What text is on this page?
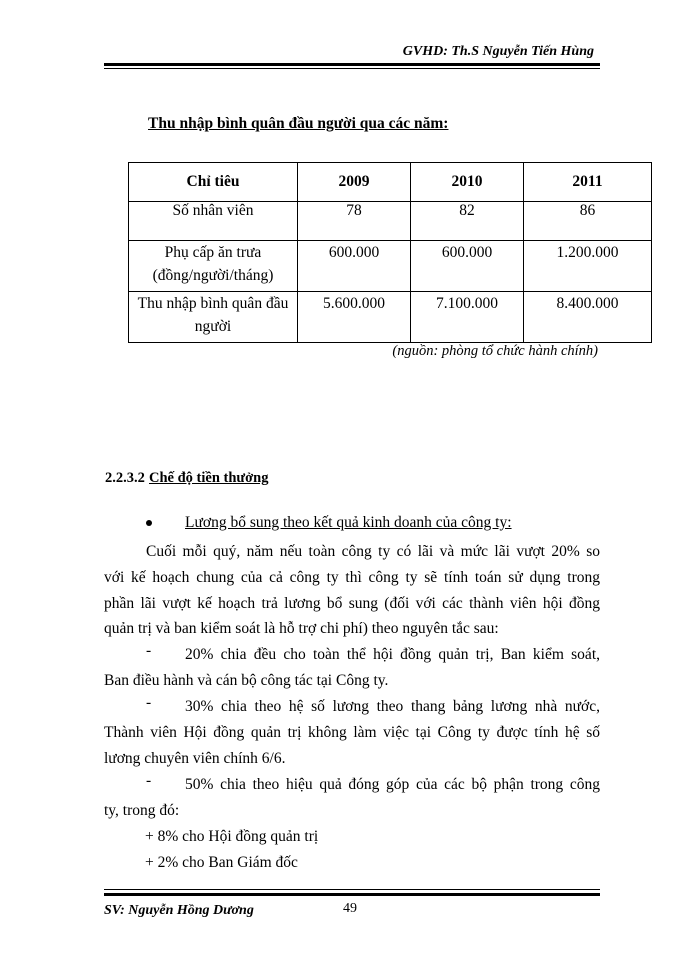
GVHD: Th.S Nguyễn Tiến Hùng
Thu nhập bình quân đầu người qua các năm:
Chỉ tiêu	2009	2010	2011
Số nhân viên	78	82	86

Phụ cấp ăn trưa
(đồng/người/tháng)	600.000	600.000	1.200.000

Thu nhập bình quân đầu
người	5.600.000	7.100.000	8.400.000
(nguồn: phòng tổ chức hành chính)
2.2.3.2 Chế độ tiền thưởng
Lương bổ sung theo kết quả kinh doanh của công ty:
Cuối mỗi quý, năm nếu toàn công ty có lãi và mức lãi vượt 20% so
với kế hoạch chung của cả công ty thì công ty sẽ tính toán sử dụng trong
phần lãi vượt kế hoạch trả lương bổ sung (đối với các thành viên hội đồng
quản trị và ban kiểm soát là hỗ trợ chi phí) theo nguyên tắc sau:
-	20% chia đều cho toàn thể hội đồng quản trị, Ban kiểm soát,
Ban điều hành và cán bộ công tác tại Công ty.
-	30% chia theo hệ số lương theo thang bảng lương nhà nước,
Thành viên Hội đồng quản trị không làm việc tại Công ty được tính hệ số
lương chuyên viên chính 6/6.
-	50% chia theo hiệu quả đóng góp của các bộ phận trong công
ty, trong đó:
+ 8% cho Hội đồng quản trị
+ 2% cho Ban Giám đốc
SV: Nguyễn Hồng Dương	49
